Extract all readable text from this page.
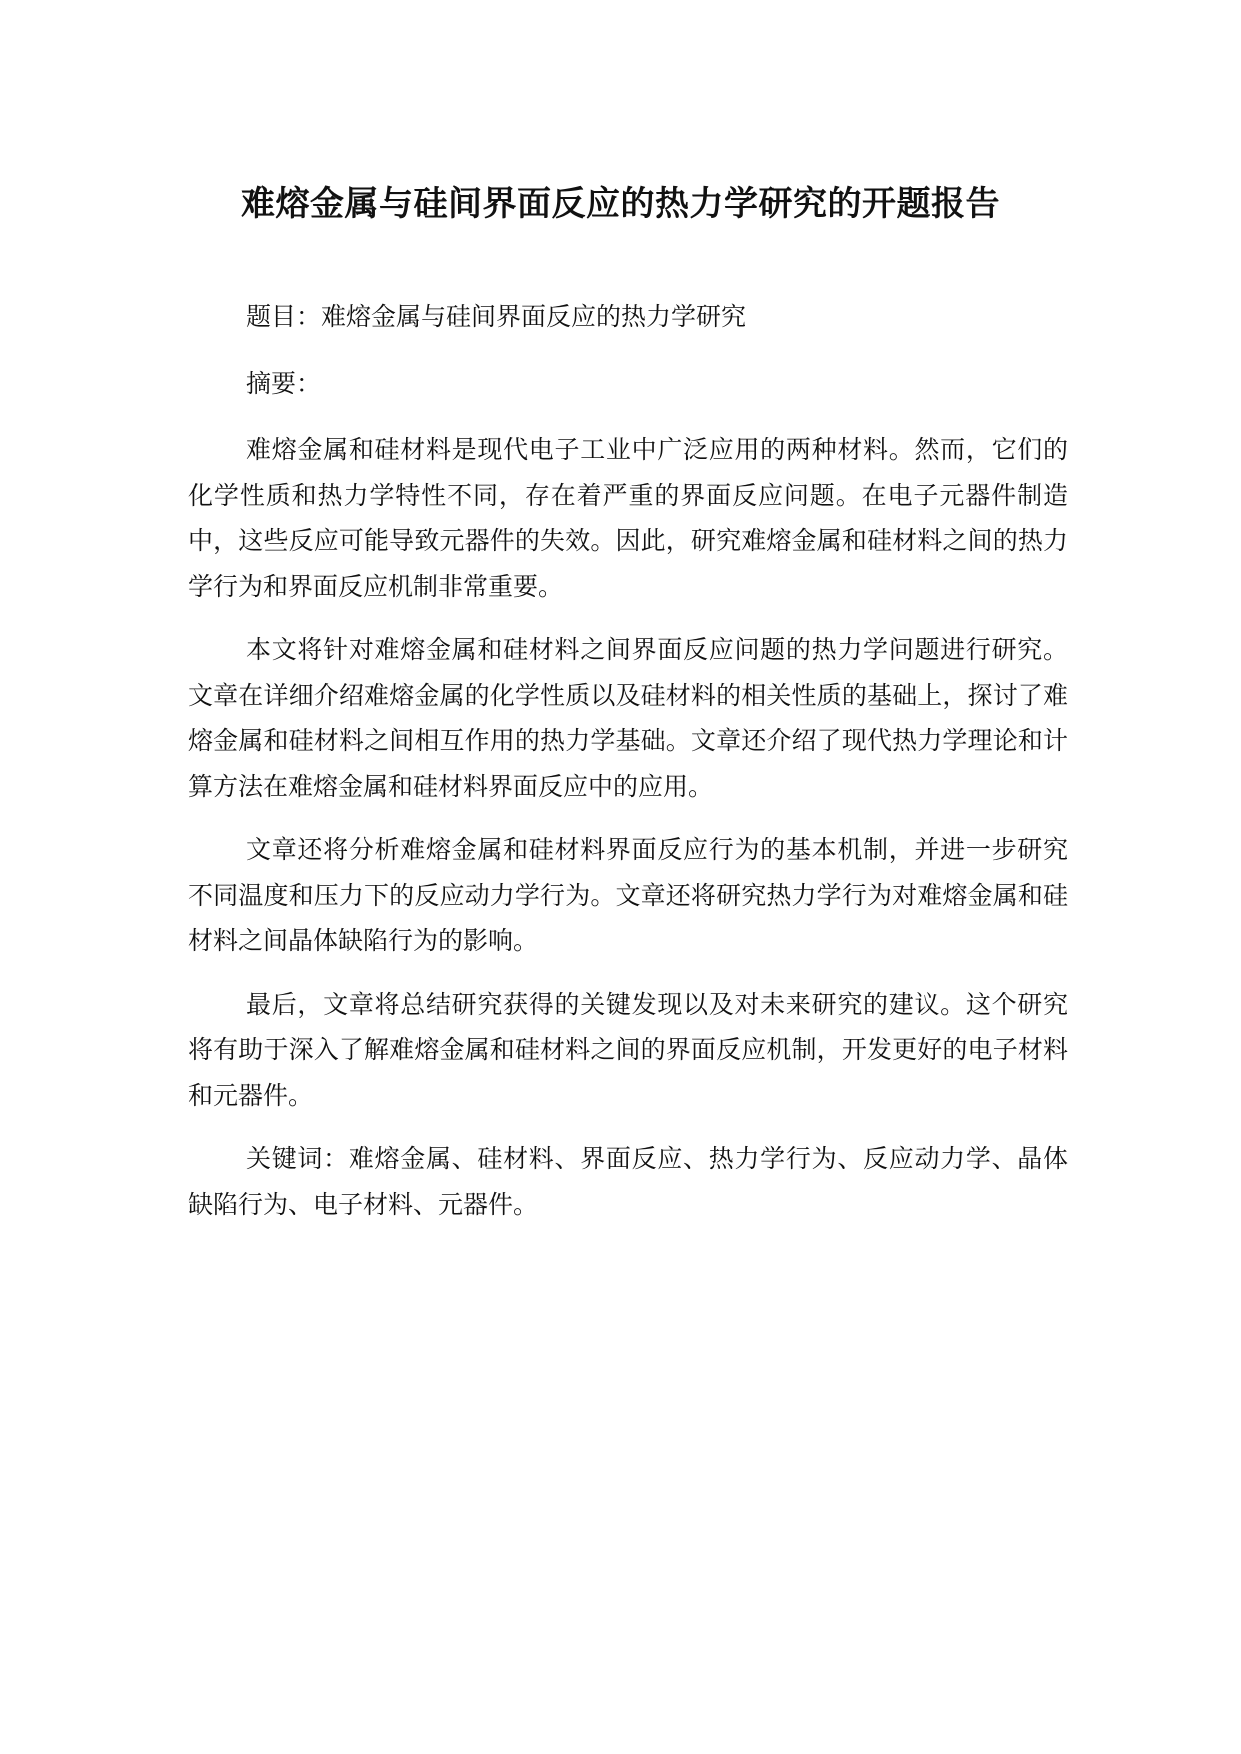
难熔金属与硅间界面反应的热力学研究的开题报告

题目：难熔金属与硅间界面反应的热力学研究

摘要：

难熔金属和硅材料是现代电子工业中广泛应用的两种材料。然而，它们的化学性质和热力学特性不同，存在着严重的界面反应问题。在电子元器件制造中，这些反应可能导致元器件的失效。因此，研究难熔金属和硅材料之间的热力学行为和界面反应机制非常重要。

本文将针对难熔金属和硅材料之间界面反应问题的热力学问题进行研究。文章在详细介绍难熔金属的化学性质以及硅材料的相关性质的基础上，探讨了难熔金属和硅材料之间相互作用的热力学基础。文章还介绍了现代热力学理论和计算方法在难熔金属和硅材料界面反应中的应用。

文章还将分析难熔金属和硅材料界面反应行为的基本机制，并进一步研究不同温度和压力下的反应动力学行为。文章还将研究热力学行为对难熔金属和硅材料之间晶体缺陷行为的影响。

最后，文章将总结研究获得的关键发现以及对未来研究的建议。这个研究将有助于深入了解难熔金属和硅材料之间的界面反应机制，开发更好的电子材料和元器件。

关键词：难熔金属、硅材料、界面反应、热力学行为、反应动力学、晶体缺陷行为、电子材料、元器件。
